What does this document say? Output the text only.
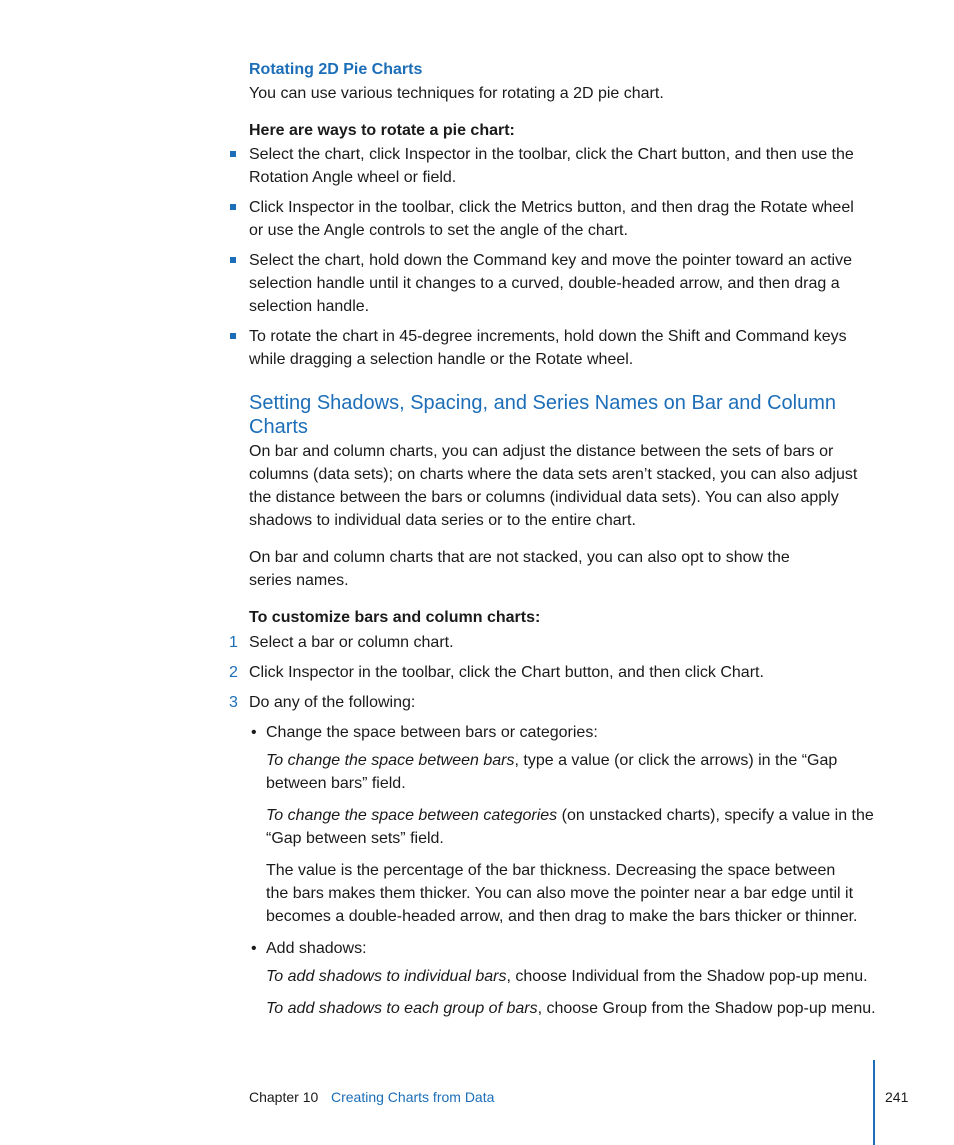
Rotating 2D Pie Charts
You can use various techniques for rotating a 2D pie chart.
Here are ways to rotate a pie chart:
Select the chart, click Inspector in the toolbar, click the Chart button, and then use the
Rotation Angle wheel or field.
Click Inspector in the toolbar, click the Metrics button, and then drag the Rotate wheel
or use the Angle controls to set the angle of the chart.
Select the chart, hold down the Command key and move the pointer toward an active
selection handle until it changes to a curved, double-headed arrow, and then drag a
selection handle.
To rotate the chart in 45-degree increments, hold down the Shift and Command keys
while dragging a selection handle or the Rotate wheel.
Setting Shadows, Spacing, and Series Names on Bar and Column
Charts
On bar and column charts, you can adjust the distance between the sets of bars or
columns (data sets); on charts where the data sets aren’t stacked, you can also adjust
the distance between the bars or columns (individual data sets). You can also apply
shadows to individual data series or to the entire chart.
On bar and column charts that are not stacked, you can also opt to show the
series names.
To customize bars and column charts:
1 Select a bar or column chart.
2 Click Inspector in the toolbar, click the Chart button, and then click Chart.
3 Do any of the following:
• Change the space between bars or categories:
To change the space between bars, type a value (or click the arrows) in the “Gap
between bars” field.
To change the space between categories (on unstacked charts), specify a value in the
“Gap between sets” field.
The value is the percentage of the bar thickness. Decreasing the space between
the bars makes them thicker. You can also move the pointer near a bar edge until it
becomes a double-headed arrow, and then drag to make the bars thicker or thinner.
• Add shadows:
To add shadows to individual bars, choose Individual from the Shadow pop-up menu.
To add shadows to each group of bars, choose Group from the Shadow pop-up menu.
Chapter 10 Creating Charts from Data	241
